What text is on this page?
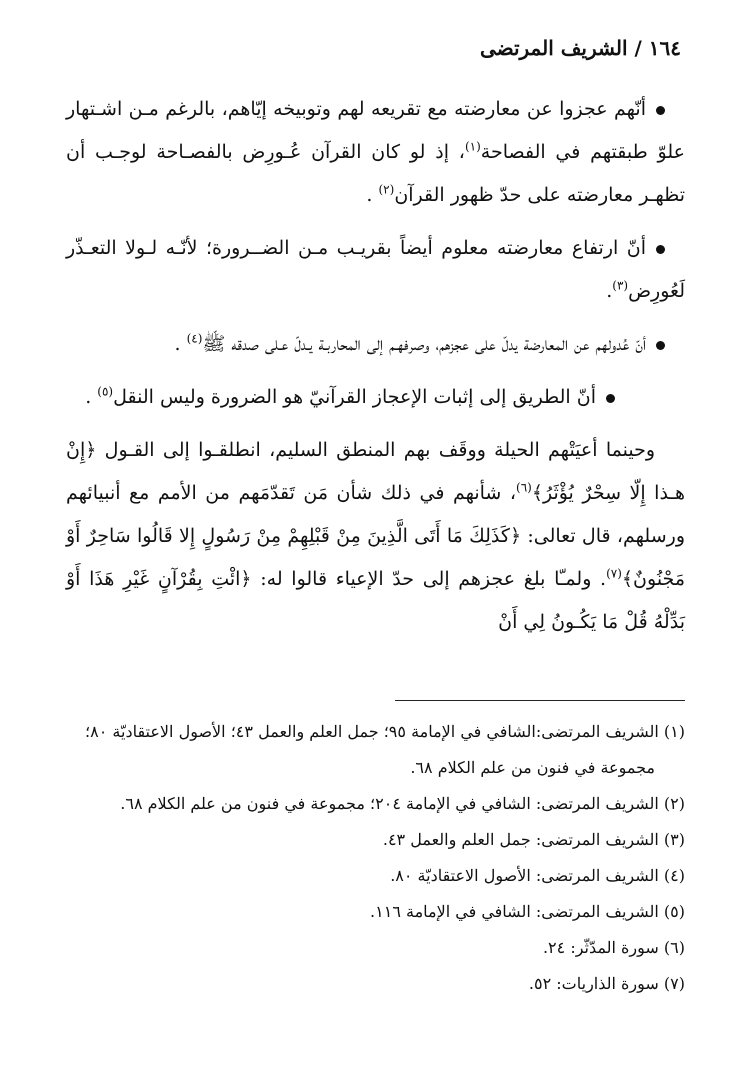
١٦٤ / الشريف المرتضى

أنّهم عجزوا عن معارضته مع تقريعه لهم وتوبيخه إيّاهم، بالرغم مـن اشـتهار علوّ طبقتهم في الفصاحة$^{(١)}$، إذ لو كان القرآن عُـورِض بالفصـاحة لوجـب أن تظهـر معارضته على حدّ ظهور القرآن$^{(٢)}$ .

أنّ ارتفاع معارضته معلوم أيضاً بقريـب مـن الضــرورة؛ لأنّـه لـولا التعـذّر لَعُورِض$^{(٣)}$.

أنّ عُدولهم عن المعارضة يدلّ على عجزهم، وصرفهـم إلى المحاربـة يـدلّ عـلى صدقه ﷺ$^{(٤)}$ .

أنّ الطريق إلى إثبات الإعجاز القرآنيّ هو الضرورة وليس النقل$^{(٥)}$ .

وحينما أعيَتْهم الحيلة ووقَف بهم المنطق السليم، انطلقـوا إلى القـول ﴿إِنْ هـذا إِلّا سِحْرٌ يُؤْثَرُ﴾$^{(٦)}$، شأنهم في ذلك شأن مَن تَقدّمَهم من الأمم مع أنبيائهم ورسلهم، قال تعالى: ﴿كَذَلِكَ مَا أَتَى الَّذِينَ مِنْ قَبْلِهِمْ مِنْ رَسُولٍ إِلا قَالُوا سَاحِرٌ أَوْ مَجْنُونٌ﴾$^{(٧)}$. ولمـّا بلغ عجزهم إلى حدّ الإعياء قالوا له: ﴿ائْتِ بِقُرْآنٍ غَيْرِ هَذَا أَوْ بَدِّلْهُ قُلْ مَا يَكُـونُ لِي أَنْ

(١) الشريف المرتضى:الشافي في الإمامة ٩٥؛ جمل العلم والعمل ٤٣؛ الأصول الاعتقاديّة ٨٠؛

مجموعة في فنون من علم الكلام ٦٨.

(٢) الشريف المرتضى: الشافي في الإمامة ٢٠٤؛ مجموعة في فنون من علم الكلام ٦٨.

(٣) الشريف المرتضى: جمل العلم والعمل ٤٣.

(٤) الشريف المرتضى: الأصول الاعتقاديّة ٨٠.

(٥) الشريف المرتضى: الشافي في الإمامة ١١٦.

(٦) سورة المدّثّر: ٢٤.

(٧) سورة الذاريات: ٥٢.
